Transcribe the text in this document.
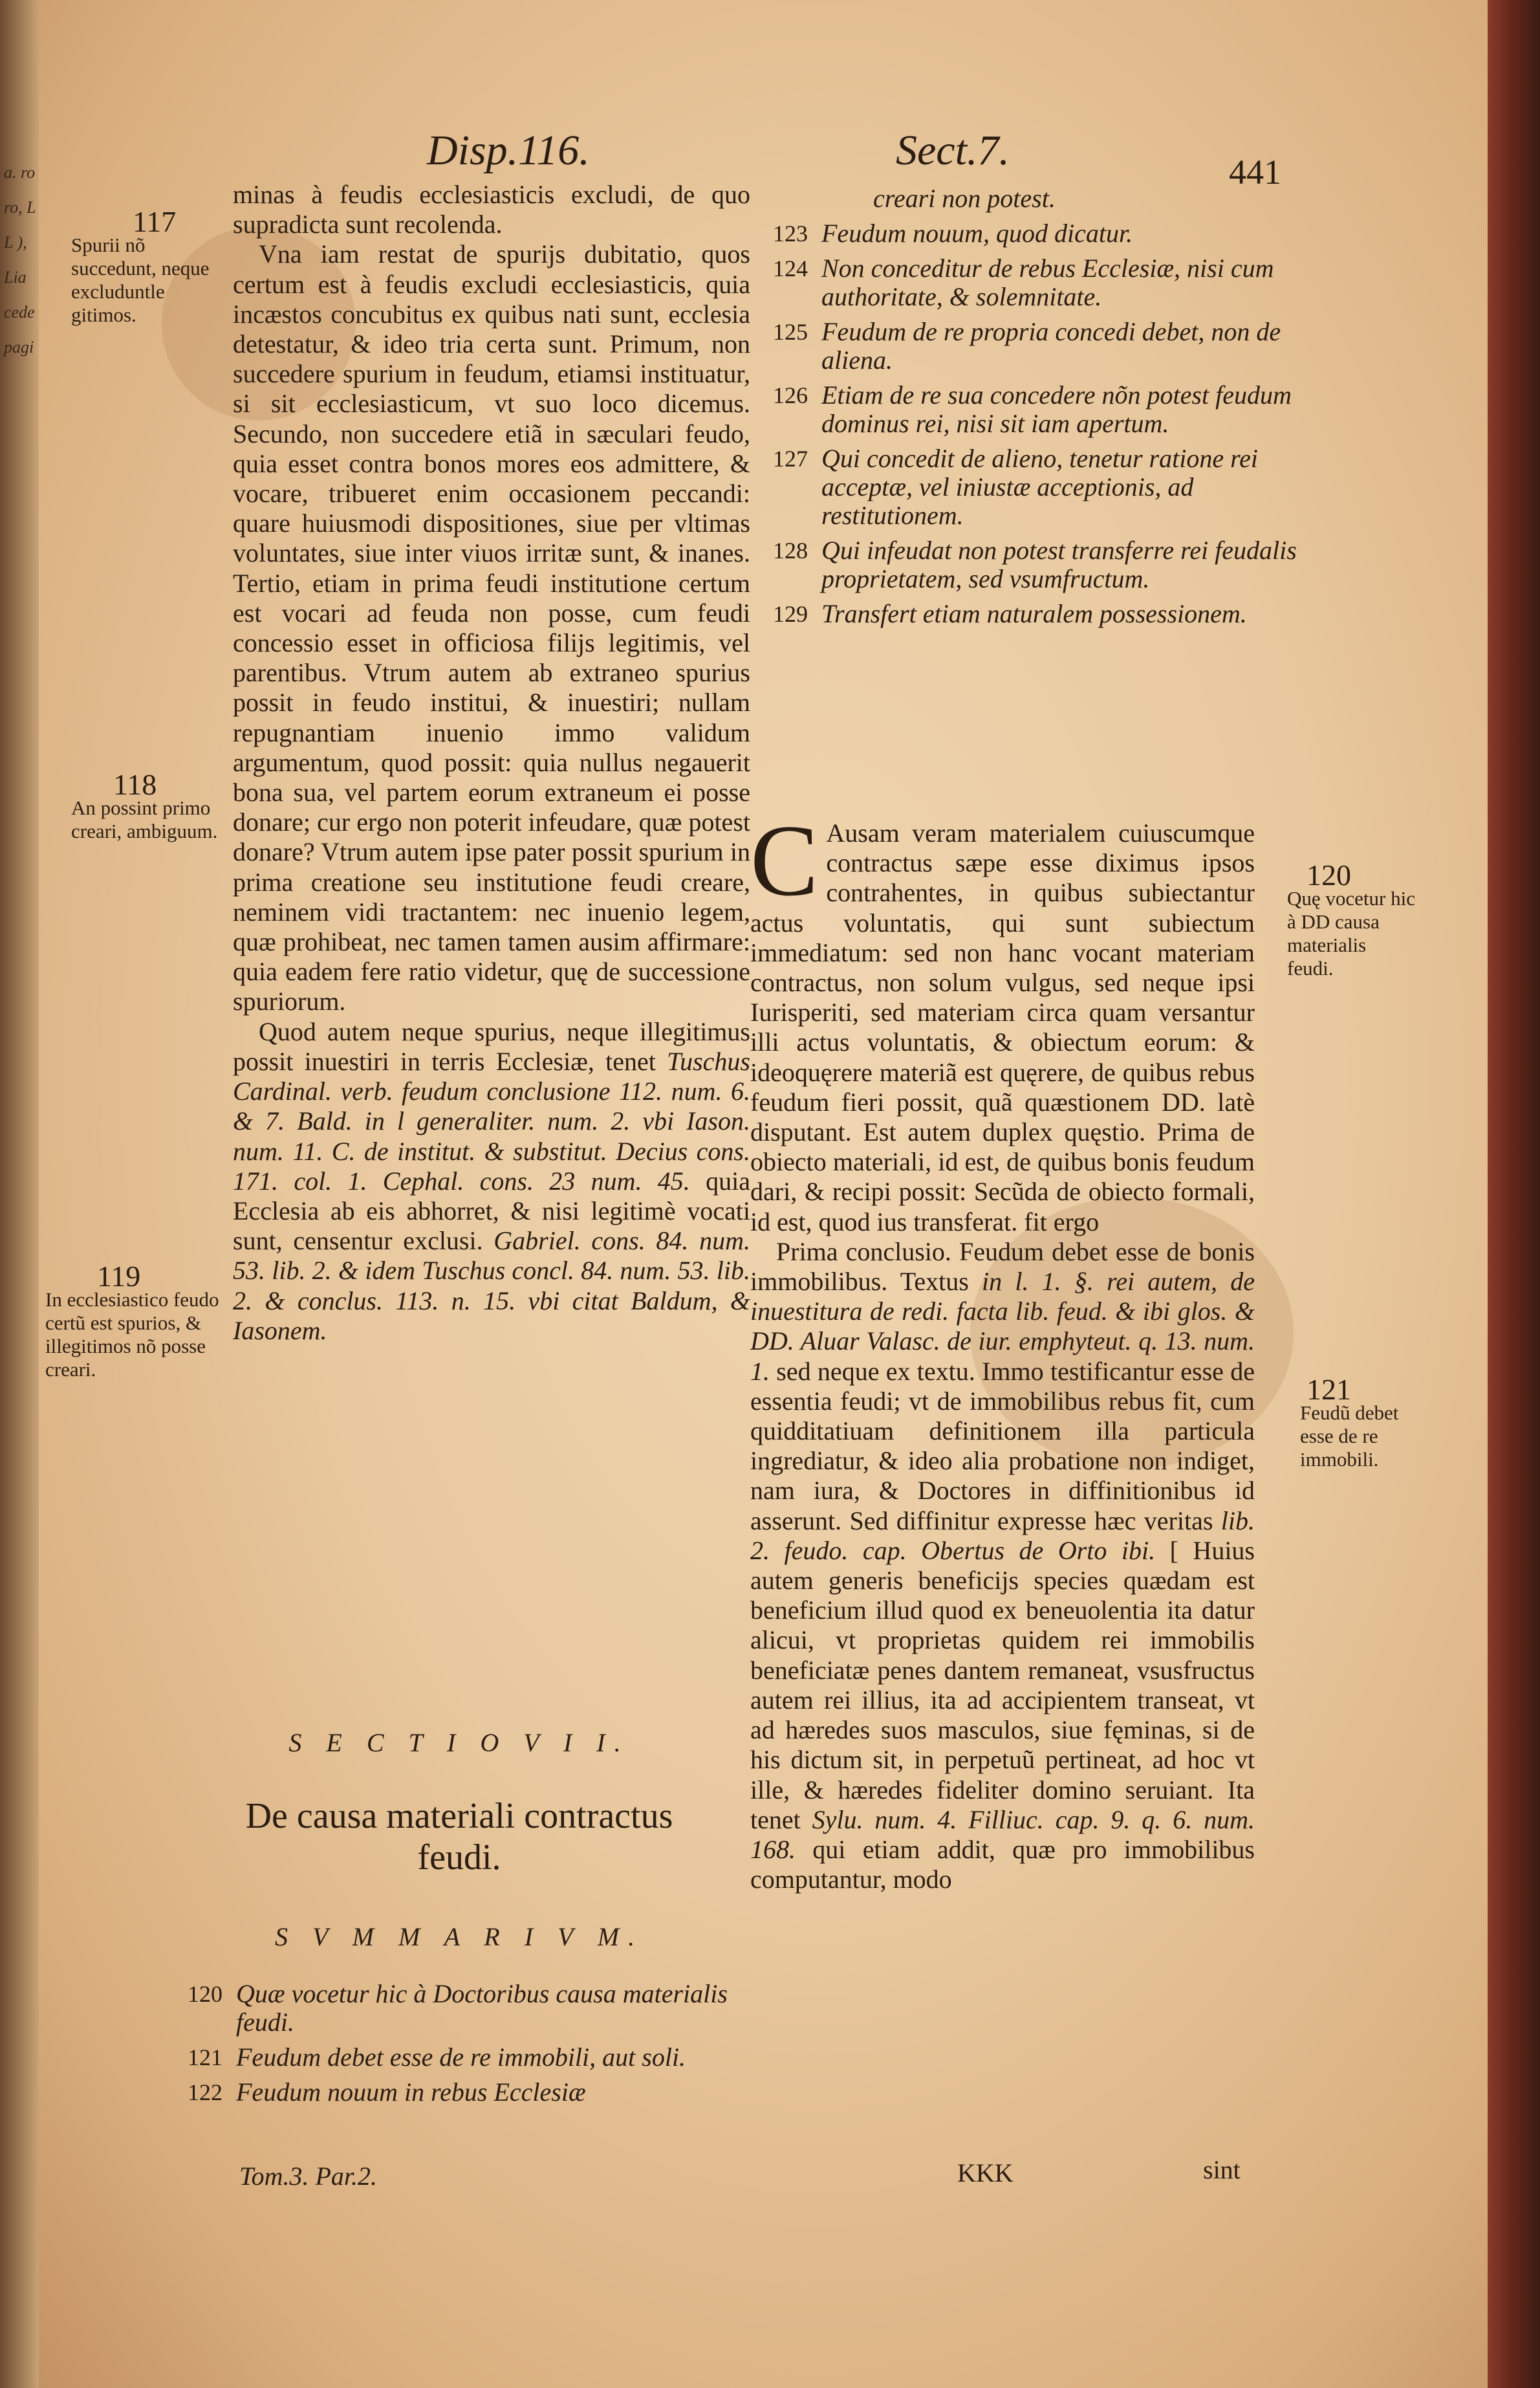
a. ro ro, L L ), Lia cede pagi
Disp.116.	Sect.7.	441
117
Spurii nõ succedunt, neque excluduntle gitimos.
118
An possint primo creari, ambiguum.
119
In ecclesiastico feudo certũ est spurios, & illegitimos nõ posse creari.

minas à feudis ecclesiasticis excludi, de quo supradicta sunt recolenda.

Vna iam restat de spurijs dubitatio, quos certum est à feudis excludi ecclesiasticis, quia incæstos concubitus ex quibus nati sunt, ecclesia detestatur, & ideo tria certa sunt. Primum, non succedere spurium in feudum, etiamsi instituatur, si sit ecclesiasticum, vt suo loco dicemus. Secundo, non succedere etiã in sæculari feudo, quia esset contra bonos mores eos admittere, & vocare, tribueret enim occasionem peccandi: quare huiusmodi dispositiones, siue per vltimas voluntates, siue inter viuos irritæ sunt, & inanes. Tertio, etiam in prima feudi institutione certum est vocari ad feuda non posse, cum feudi concessio esset in officiosa filijs legitimis, vel parentibus. Vtrum autem ab extraneo spurius possit in feudo institui, & inuestiri; nullam repugnantiam inuenio immo validum argumentum, quod possit: quia nullus negauerit bona sua, vel partem eorum extraneum ei posse donare; cur ergo non poterit infeudare, quæ potest donare? Vtrum autem ipse pater possit spurium in prima creatione seu institutione feudi creare, neminem vidi tractantem: nec inuenio legem, quæ prohibeat, nec tamen tamen ausim affirmare: quia eadem fere ratio videtur, quę de successione spuriorum.

Quod autem neque spurius, neque illegitimus possit inuestiri in terris Ecclesiæ, tenet Tuschus Cardinal. verb. feudum conclusione 112. num. 6. & 7. Bald. in l generaliter. num. 2. vbi Iason. num. 11. C. de institut. & substitut. Decius cons. 171. col. 1. Cephal. cons. 23 num. 45. quia Ecclesia ab eis abhorret, & nisi legitimè vocati sunt, censentur exclusi. Gabriel. cons. 84. num. 53. lib. 2. & idem Tuschus concl. 84. num. 53. lib. 2. & conclus. 113. n. 15. vbi citat Baldum, & Iasonem.

creari non potest.
123 Feudum nouum, quod dicatur.
124 Non conceditur de rebus Ecclesiæ, nisi cum authoritate, & solemnitate.
125 Feudum de re propria concedi debet, non de aliena.
126 Etiam de re sua concedere nõn potest feudum dominus rei, nisi sit iam apertum.
127 Qui concedit de alieno, tenetur ratione rei acceptæ, vel iniustæ acceptionis, ad restitutionem.
128 Qui infeudat non potest transferre rei feudalis proprietatem, sed vsumfructum.
129 Transfert etiam naturalem possessionem.

C Ausam veram materialem cuiuscumque contractus sæpe esse diximus ipsos contrahentes, in quibus subiectantur actus voluntatis, qui sunt subiectum immediatum: sed non hanc vocant materiam contractus, non solum vulgus, sed neque ipsi Iurisperiti, sed materiam circa quam versantur illi actus voluntatis, & obiectum eorum: & ideoquęrere materiã est quęrere, de quibus rebus feudum fieri possit, quã quæstionem DD. latè disputant. Est autem duplex quęstio. Prima de obiecto materiali, id est, de quibus bonis feudum dari, & recipi possit: Secũda de obiecto formali, id est, quod ius transferat. fit ergo

Prima conclusio. Feudum debet esse de bonis immobilibus. Textus in l. 1. §. rei autem, de inuestitura de redi. facta lib. feud. & ibi glos. & DD. Aluar Valasc. de iur. emphyteut. q. 13. num. 1. sed neque ex textu. Immo testificantur esse de essentia feudi; vt de immobilibus rebus fit, cum quidditatiuam definitionem illa particula ingrediatur, & ideo alia probatione non indiget, nam iura, & Doctores in diffinitionibus id asserunt. Sed diffinitur expresse hæc veritas lib. 2. feudo. cap. Obertus de Orto ibi. [ Huius autem generis beneficijs species quædam est beneficium illud quod ex beneuolentia ita datur alicui, vt proprietas quidem rei immobilis beneficiatæ penes dantem remaneat, vsusfructus autem rei illius, ita ad accipientem transeat, vt ad hæredes suos masculos, siue fęminas, si de his dictum sit, in perpetuũ pertineat, ad hoc vt ille, & hæredes fideliter domino seruiant. Ita tenet Sylu. num. 4. Filliuc. cap. 9. q. 6. num. 168. qui etiam addit, quæ pro immobilibus computantur, modo

120
Quę vocetur hic à DD causa materialis feudi.
121
Feudũ debet esse de re immobili.
S E C T I O V I I.
De causa materiali contractus feudi.
S V M M A R I V M.
120 Quæ vocetur hic à Doctoribus causa materialis feudi.
121 Feudum debet esse de re immobili, aut soli.
122 Feudum nouum in rebus Ecclesiæ
Tom.3. Par.2.	KKK	sint
